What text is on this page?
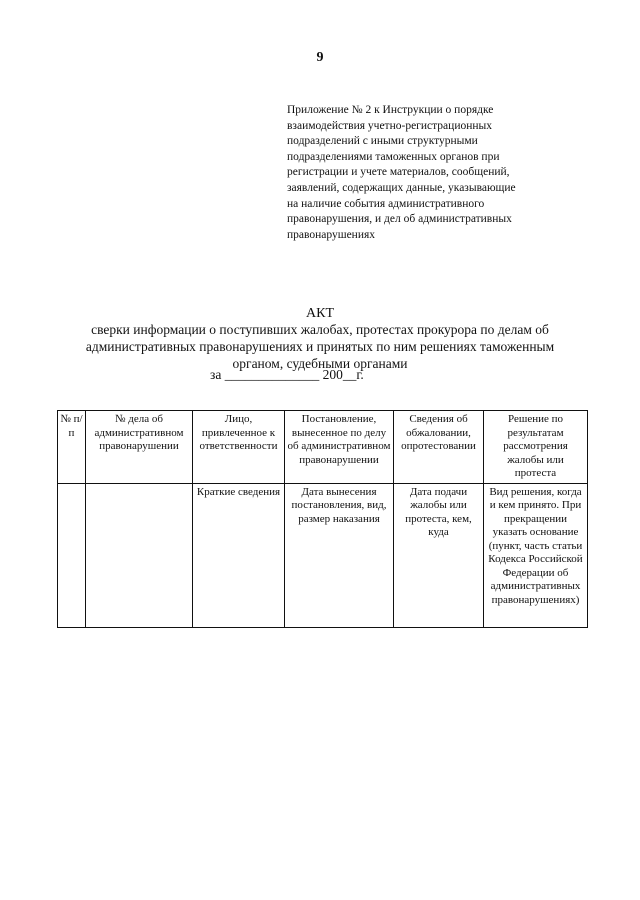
9
Приложение № 2 к Инструкции о порядке
взаимодействия учетно-регистрационных
подразделений с иными структурными
подразделениями таможенных органов при
регистрации и учете материалов, сообщений,
заявлений, содержащих данные, указывающие
на наличие события административного
правонарушения, и дел об административных
правонарушениях
АКТ
сверки информации о поступивших жалобах, протестах прокурора по делам об
административных правонарушениях и принятых по ним решениях таможенным
органом, судебными органами
за ______________ 200__г.
№ п/п	№ дела об административном правонарушении	Лицо, привлеченное к ответственности	Постановление, вынесенное по делу об административном правонарушении	Сведения об обжаловании, опротестовании	Решение по результатам рассмотрения жалобы или протеста
		Краткие сведения	Дата вынесения постановления, вид, размер наказания	Дата подачи жалобы или протеста, кем, куда	Вид решения, когда и кем принято. При прекращении указать основание (пункт, часть статьи Кодекса Российской Федерации об административных правонарушениях)
